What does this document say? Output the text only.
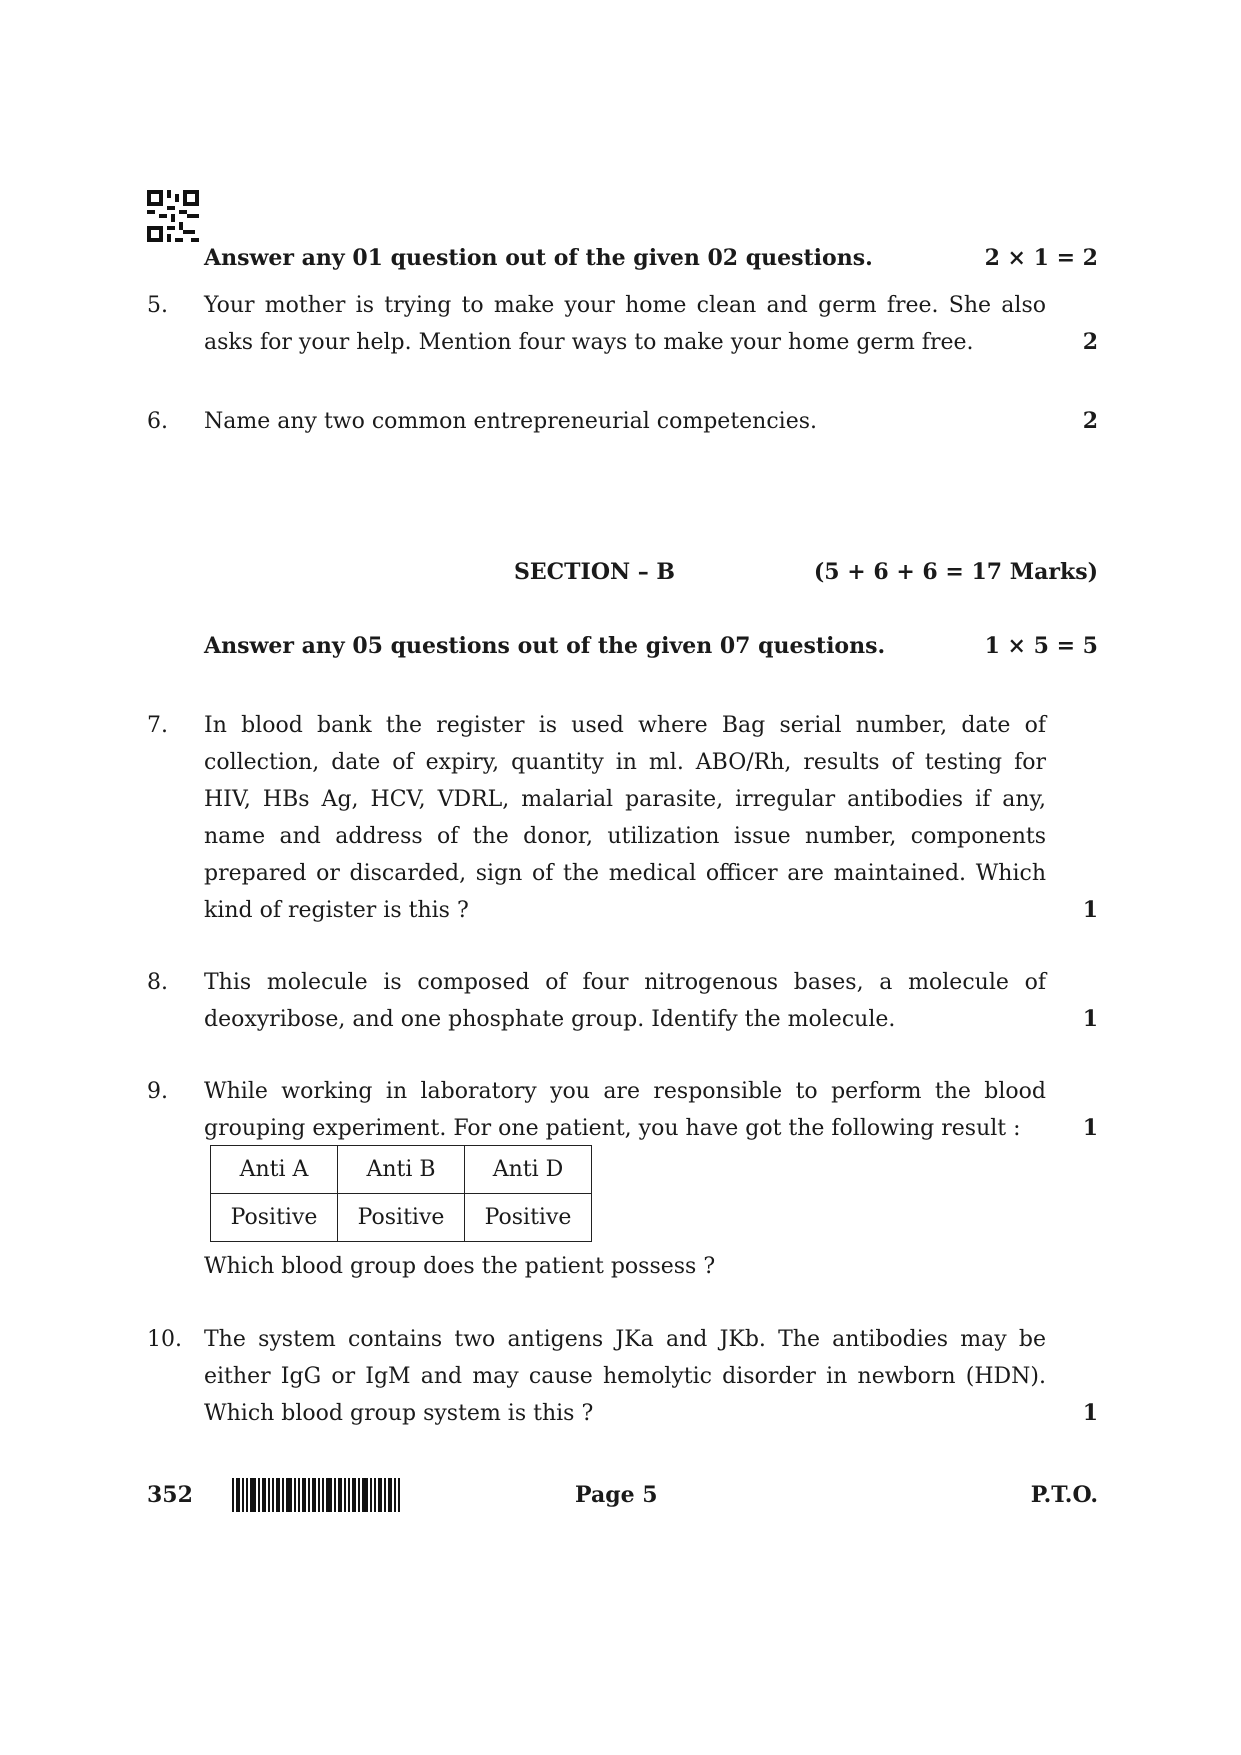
Answer any 01 question out of the given 02 questions.	2 × 1 = 2
5. Your mother is trying to make your home clean and germ free. She also
asks for your help. Mention four ways to make your home germ free.	2
6. Name any two common entrepreneurial competencies.	2
SECTION – B	(5 + 6 + 6 = 17 Marks)
Answer any 05 questions out of the given 07 questions.	1 × 5 = 5
7. In blood bank the register is used where Bag serial number, date of
collection, date of expiry, quantity in ml. ABO/Rh, results of testing for
HIV, HBs Ag, HCV, VDRL, malarial parasite, irregular antibodies if any,
name and address of the donor, utilization issue number, components
prepared or discarded, sign of the medical officer are maintained. Which
kind of register is this ?	1
8. This molecule is composed of four nitrogenous bases, a molecule of
deoxyribose, and one phosphate group. Identify the molecule.	1
9. While working in laboratory you are responsible to perform the blood
grouping experiment. For one patient, you have got the following result :	1
Anti A	Anti B	Anti D
Positive	Positive	Positive
Which blood group does the patient possess ?
10. The system contains two antigens JKa and JKb. The antibodies may be
either IgG or IgM and may cause hemolytic disorder in newborn (HDN).
Which blood group system is this ?	1
352	Page 5	P.T.O.
